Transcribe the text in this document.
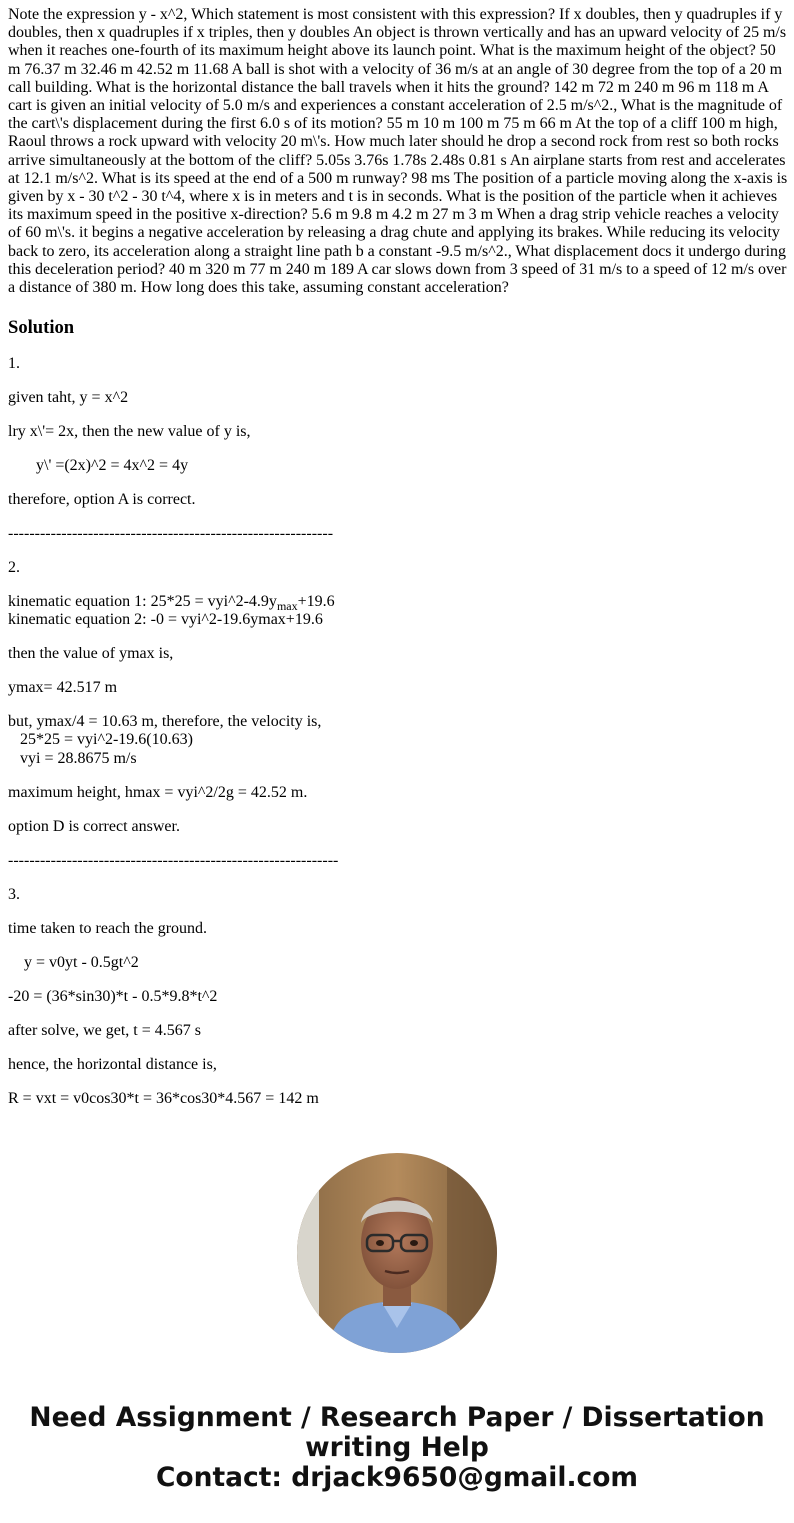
Note the expression y - x^2, Which statement is most consistent with this expression? If x doubles, then y quadruples if y doubles, then x quadruples if x triples, then y doubles An object is thrown vertically and has an upward velocity of 25 m/s when it reaches one-fourth of its maximum height above its launch point. What is the maximum height of the object? 50 m 76.37 m 32.46 m 42.52 m 11.68 A ball is shot with a velocity of 36 m/s at an angle of 30 degree from the top of a 20 m call building. What is the horizontal distance the ball travels when it hits the ground? 142 m 72 m 240 m 96 m 118 m A cart is given an initial velocity of 5.0 m/s and experiences a constant acceleration of 2.5 m/s^2., What is the magnitude of the cart\'s displacement during the first 6.0 s of its motion? 55 m 10 m 100 m 75 m 66 m At the top of a cliff 100 m high, Raoul throws a rock upward with velocity 20 m\'s. How much later should he drop a second rock from rest so both rocks arrive simultaneously at the bottom of the cliff? 5.05s 3.76s 1.78s 2.48s 0.81 s An airplane starts from rest and accelerates at 12.1 m/s^2. What is its speed at the end of a 500 m runway? 98 ms The position of a particle moving along the x-axis is given by x - 30 t^2 - 30 t^4, where x is in meters and t is in seconds. What is the position of the particle when it achieves its maximum speed in the positive x-direction? 5.6 m 9.8 m 4.2 m 27 m 3 m When a drag strip vehicle reaches a velocity of 60 m\'s. it begins a negative acceleration by releasing a drag chute and applying its brakes. While reducing its velocity back to zero, its acceleration along a straight line path b a constant -9.5 m/s^2., What displacement docs it undergo during this deceleration period? 40 m 320 m 77 m 240 m 189 A car slows down from 3 speed of 31 m/s to a speed of 12 m/s over a distance of 380 m. How long does this take, assuming constant acceleration?

Solution

1.

given taht, y = x^2

lry x\'= 2x, then the new value of y is,

y\' =(2x)^2 = 4x^2 = 4y

therefore, option A is correct.

-------------------------------------------------------------

2.

kinematic equation 1: $25*25 = vyi\^{}2-4.9y_{max}+19.6$

kinematic equation 2: -0 = vyi^2-19.6ymax+19.6

then the value of ymax is,

ymax= 42.517 m

but, ymax/4 = 10.63 m, therefore, the velocity is,

25*25 = vyi^2-19.6(10.63)

vyi = 28.8675 m/s

maximum height, hmax = vyi^2/2g = 42.52 m.

option D is correct answer.

--------------------------------------------------------------

3.

time taken to reach the ground.

y = v0yt - 0.5gt^2

-20 = (36*sin30)*t - 0.5*9.8*t^2

after solve, we get, t = 4.567 s

hence, the horizontal distance is,

R = vxt = v0cos30*t = 36*cos30*4.567 = 142 m

Need Assignment / Research Paper / Dissertation
writing Help
Contact: drjack9650@gmail.com
